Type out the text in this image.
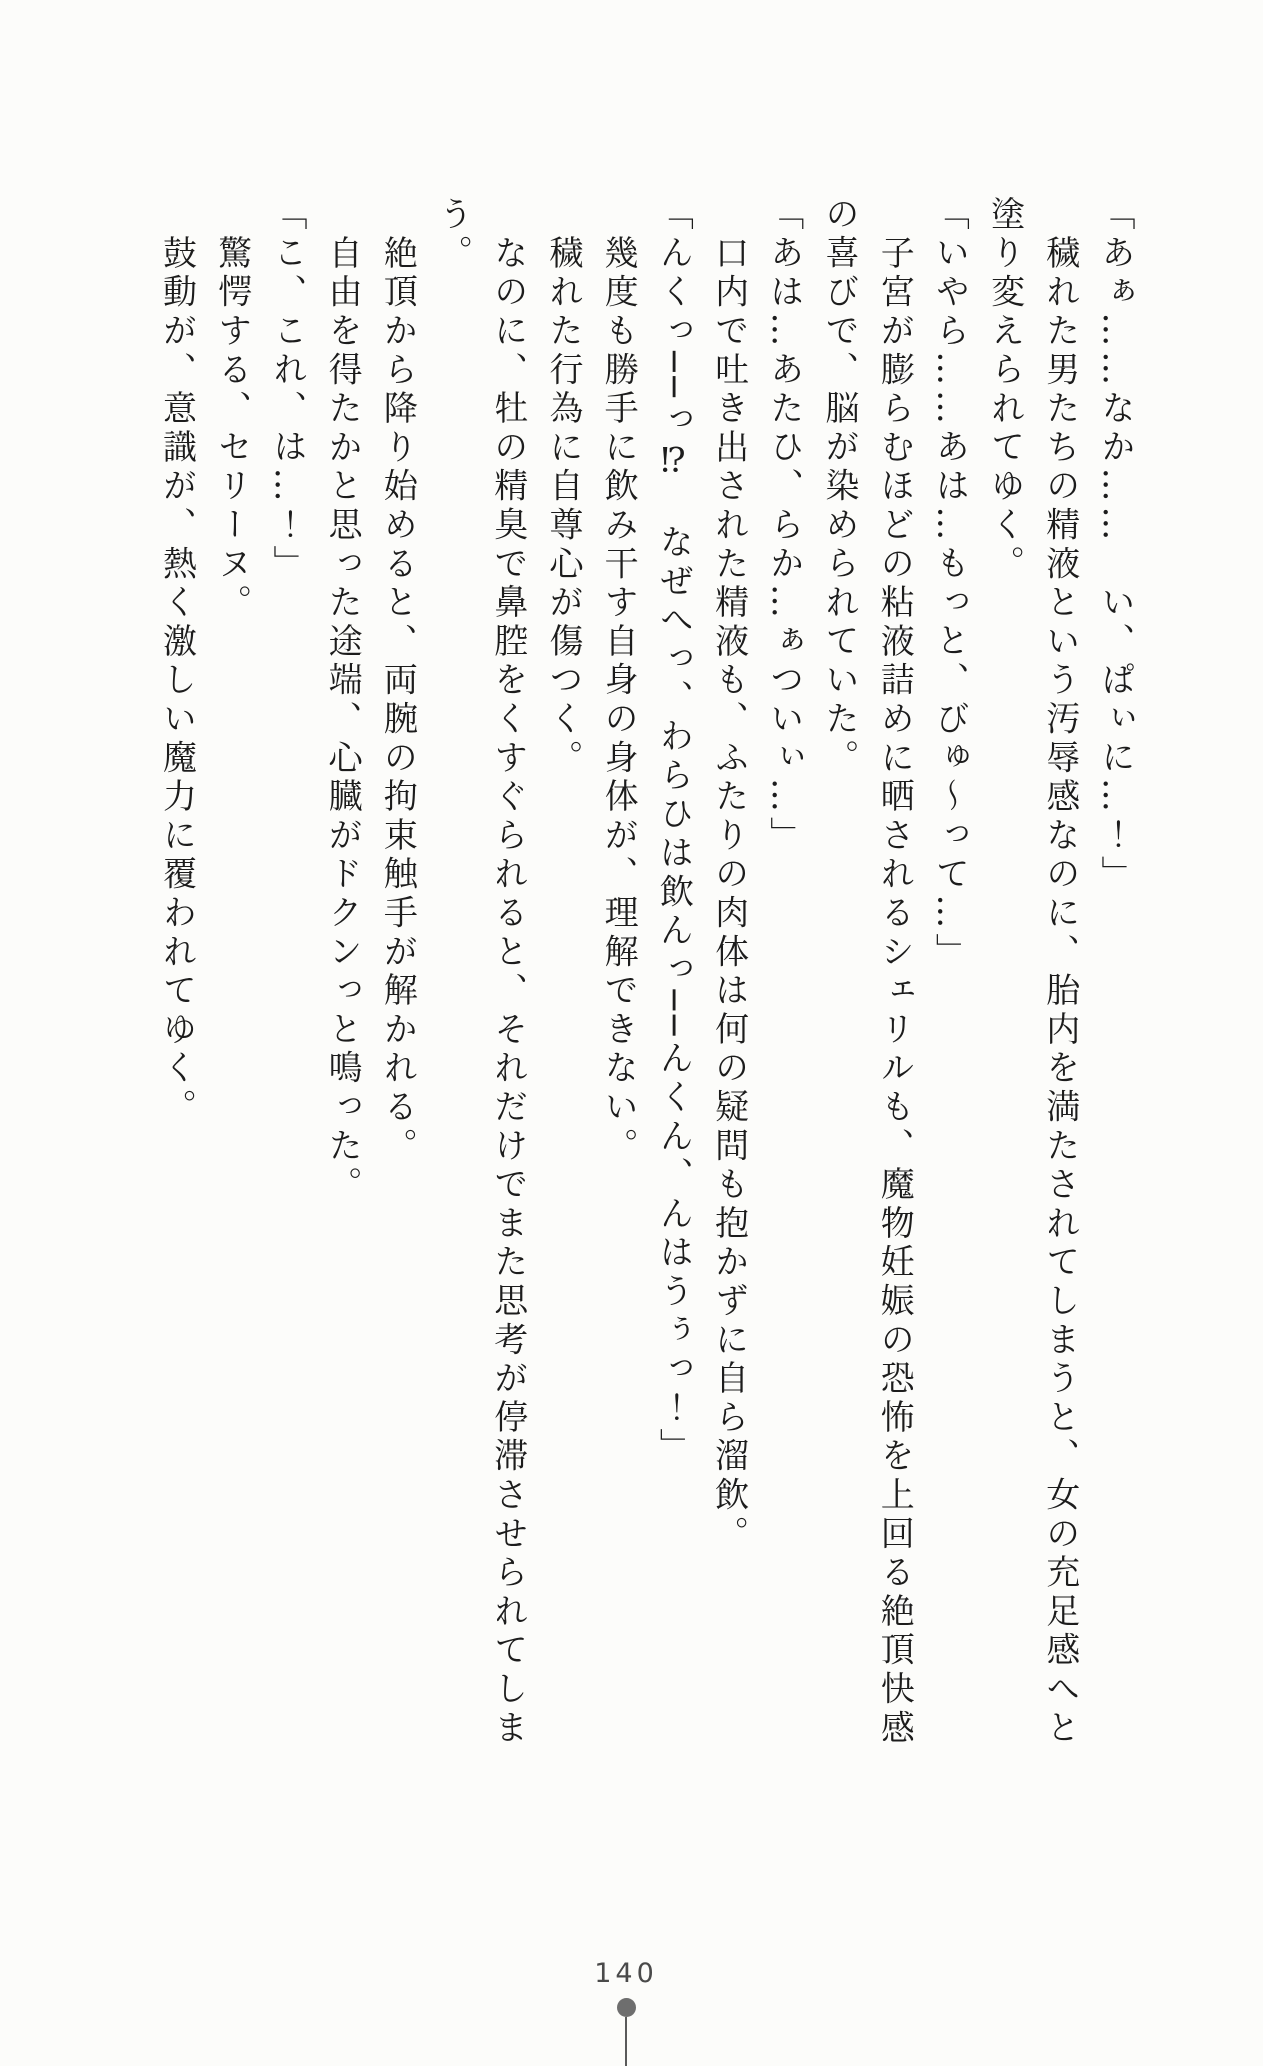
「あぁ……なか……　い、ぱぃに…！」

穢れた男たちの精液という汚辱感なのに、胎内を満たされてしまうと、女の充足感へと

塗り変えられてゆく。

「いやら……あは…もっと、びゅ〜って…」

子宮が膨らむほどの粘液詰めに晒されるシェリルも、魔物妊娠の恐怖を上回る絶頂快感

の喜びで、脳が染められていた。

「あは…あたひ、らか…ぁついぃ…」

口内で吐き出された精液も、ふたりの肉体は何の疑問も抱かずに自ら溜飲。

「んくっ──っ⁉　なぜへっ、わらひは飲んっ──んくん、んはうぅっ！」

幾度も勝手に飲み干す自身の身体が、理解できない。

穢れた行為に自尊心が傷つく。

なのに、牡の精臭で鼻腔をくすぐられると、それだけでまた思考が停滞させられてしま

う。

絶頂から降り始めると、両腕の拘束触手が解かれる。

自由を得たかと思った途端、心臓がドクンっと鳴った。

「こ、これ、は…！」

驚愕する、セリーヌ。

鼓動が、意識が、熱く激しい魔力に覆われてゆく。

140
